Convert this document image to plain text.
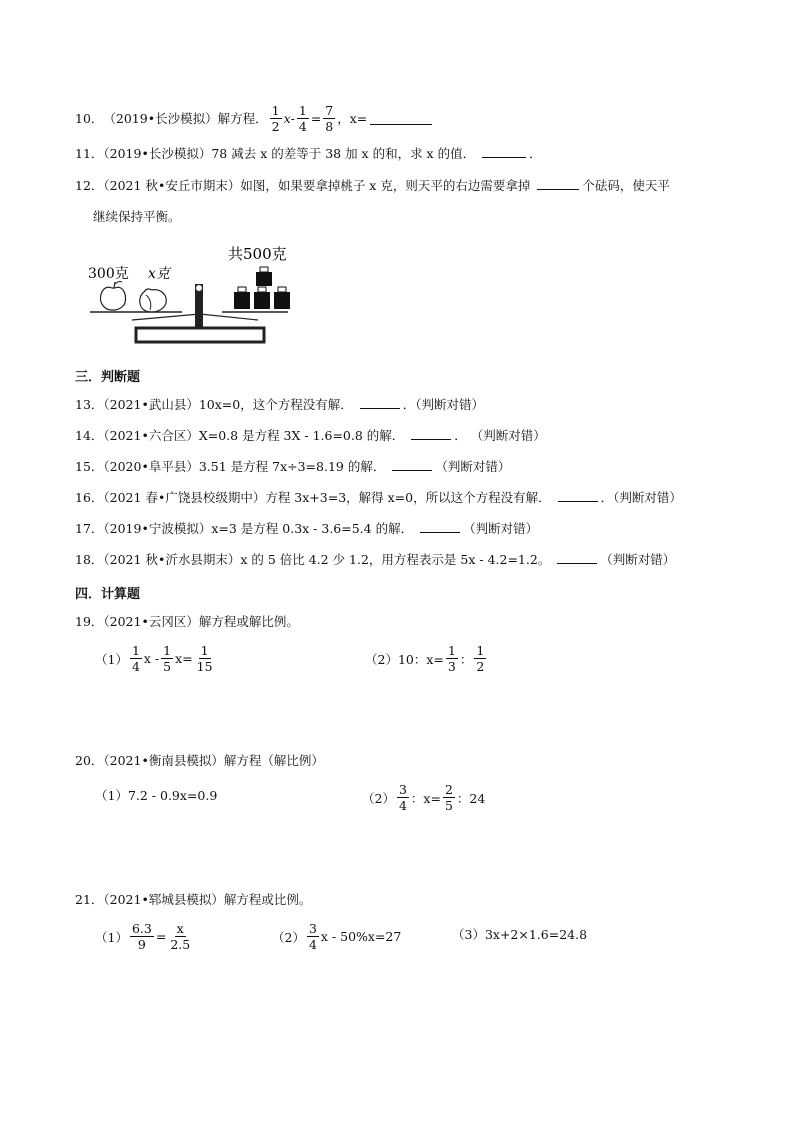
10． （2019•长沙模拟） 解方程． $\frac{1}{2}$ $x - \frac{1}{4} = \frac{7}{8}$ ，x=
11．（2019•长沙模拟）78 减去 x 的差等于 38 加 x 的和，求 x 的值．	．
12．（2021 秋•安丘市期末）如图，如果要拿掉桃子 x 克，则天平的右边需要拿掉	个砝码，使天平
继续保持平衡。
300克 x克
共500克
三．判断题
13．（2021•武山县）10x=0，这个方程没有解．	．（判断对错）
14．（2021•六合区）X=0.8 是方程 3X - 1.6=0.8 的解．	． （判断对错）
15．（2020•阜平县）3.51 是方程 7x÷3=8.19 的解．	（判断对错）
16．（2021 春•广饶县校级期中）方程 3x+3=3，解得 x=0，所以这个方程没有解．	．（判断对错）
17．（2019•宁波模拟）x=3 是方程 0.3x - 3.6=5.4 的解．	（判断对错）
18．（2021 秋•沂水县期末）x 的 5 倍比 4.2 少 1.2，用方程表示是 5x - 4.2=1.2。	（判断对错）
四．计算题
19．（2021•云冈区）解方程或解比例。
$(1) \frac{1}{4}$ $x - \frac{1}{5} x= \frac{1}{15}$	（2） 10：$x= \frac{1}{3}$ ： $\frac{1}{2}$
20．（2021•衡南县模拟）解方程（解比例）
（1） 7.2 - 0.9x=0.9	$(2) \frac{3}{4}$ ：$x= \frac{2}{5}$ ：24
21．（2021•郓城县模拟）解方程或比例。
$(1) \frac{6.3}{9} = \frac{x}{2.5}$	$(2) \frac{3}{4}$ x - 50%x=27	（3） 3x+2×1.6=24.8
